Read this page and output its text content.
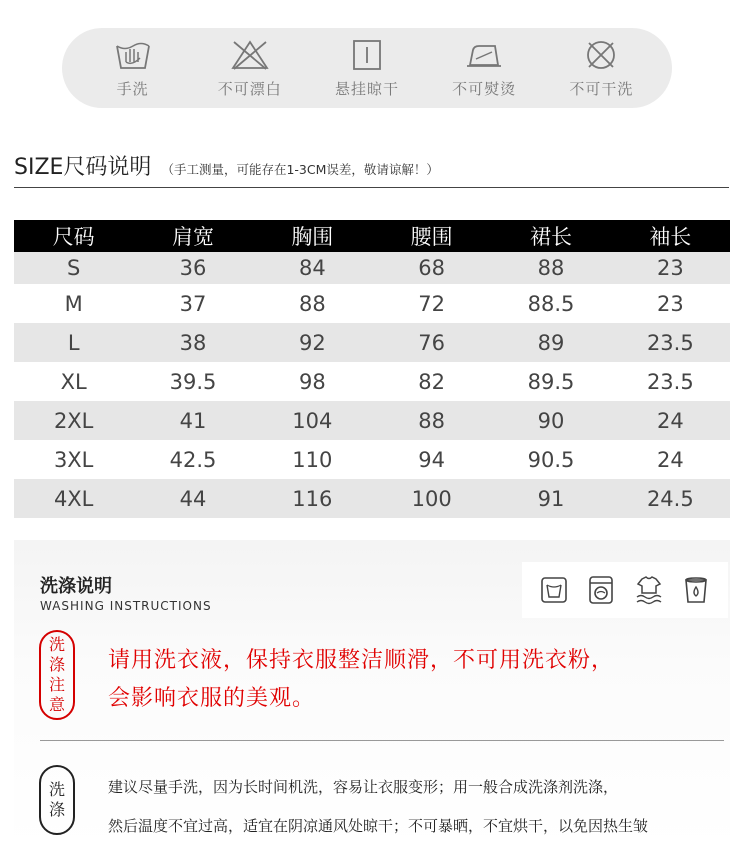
手洗	不可漂白	悬挂晾干	不可熨烫	不可干洗
SIZE尺码说明 （手工测量，可能存在1-3CM误差，敬请谅解！）
尺码	肩宽	胸围	腰围	裙长	袖长
S	36	84	68	88	23
M	37	88	72	88.5	23
L	38	92	76	89	23.5
XL	39.5	98	82	89.5	23.5
2XL	41	104	88	90	24
3XL	42.5	110	94	90.5	24
4XL	44	116	100	91	24.5
洗涤说明
WASHING INSTRUCTIONS
洗
涤
注
意
请用洗衣液，保持衣服整洁顺滑，不可用洗衣粉，
会影响衣服的美观。
洗
涤
建议尽量手洗，因为长时间机洗，容易让衣服变形；用一般合成洗涤剂洗涤，
然后温度不宜过高，适宜在阴凉通风处晾干；不可暴晒，不宜烘干，以免因热生皱
